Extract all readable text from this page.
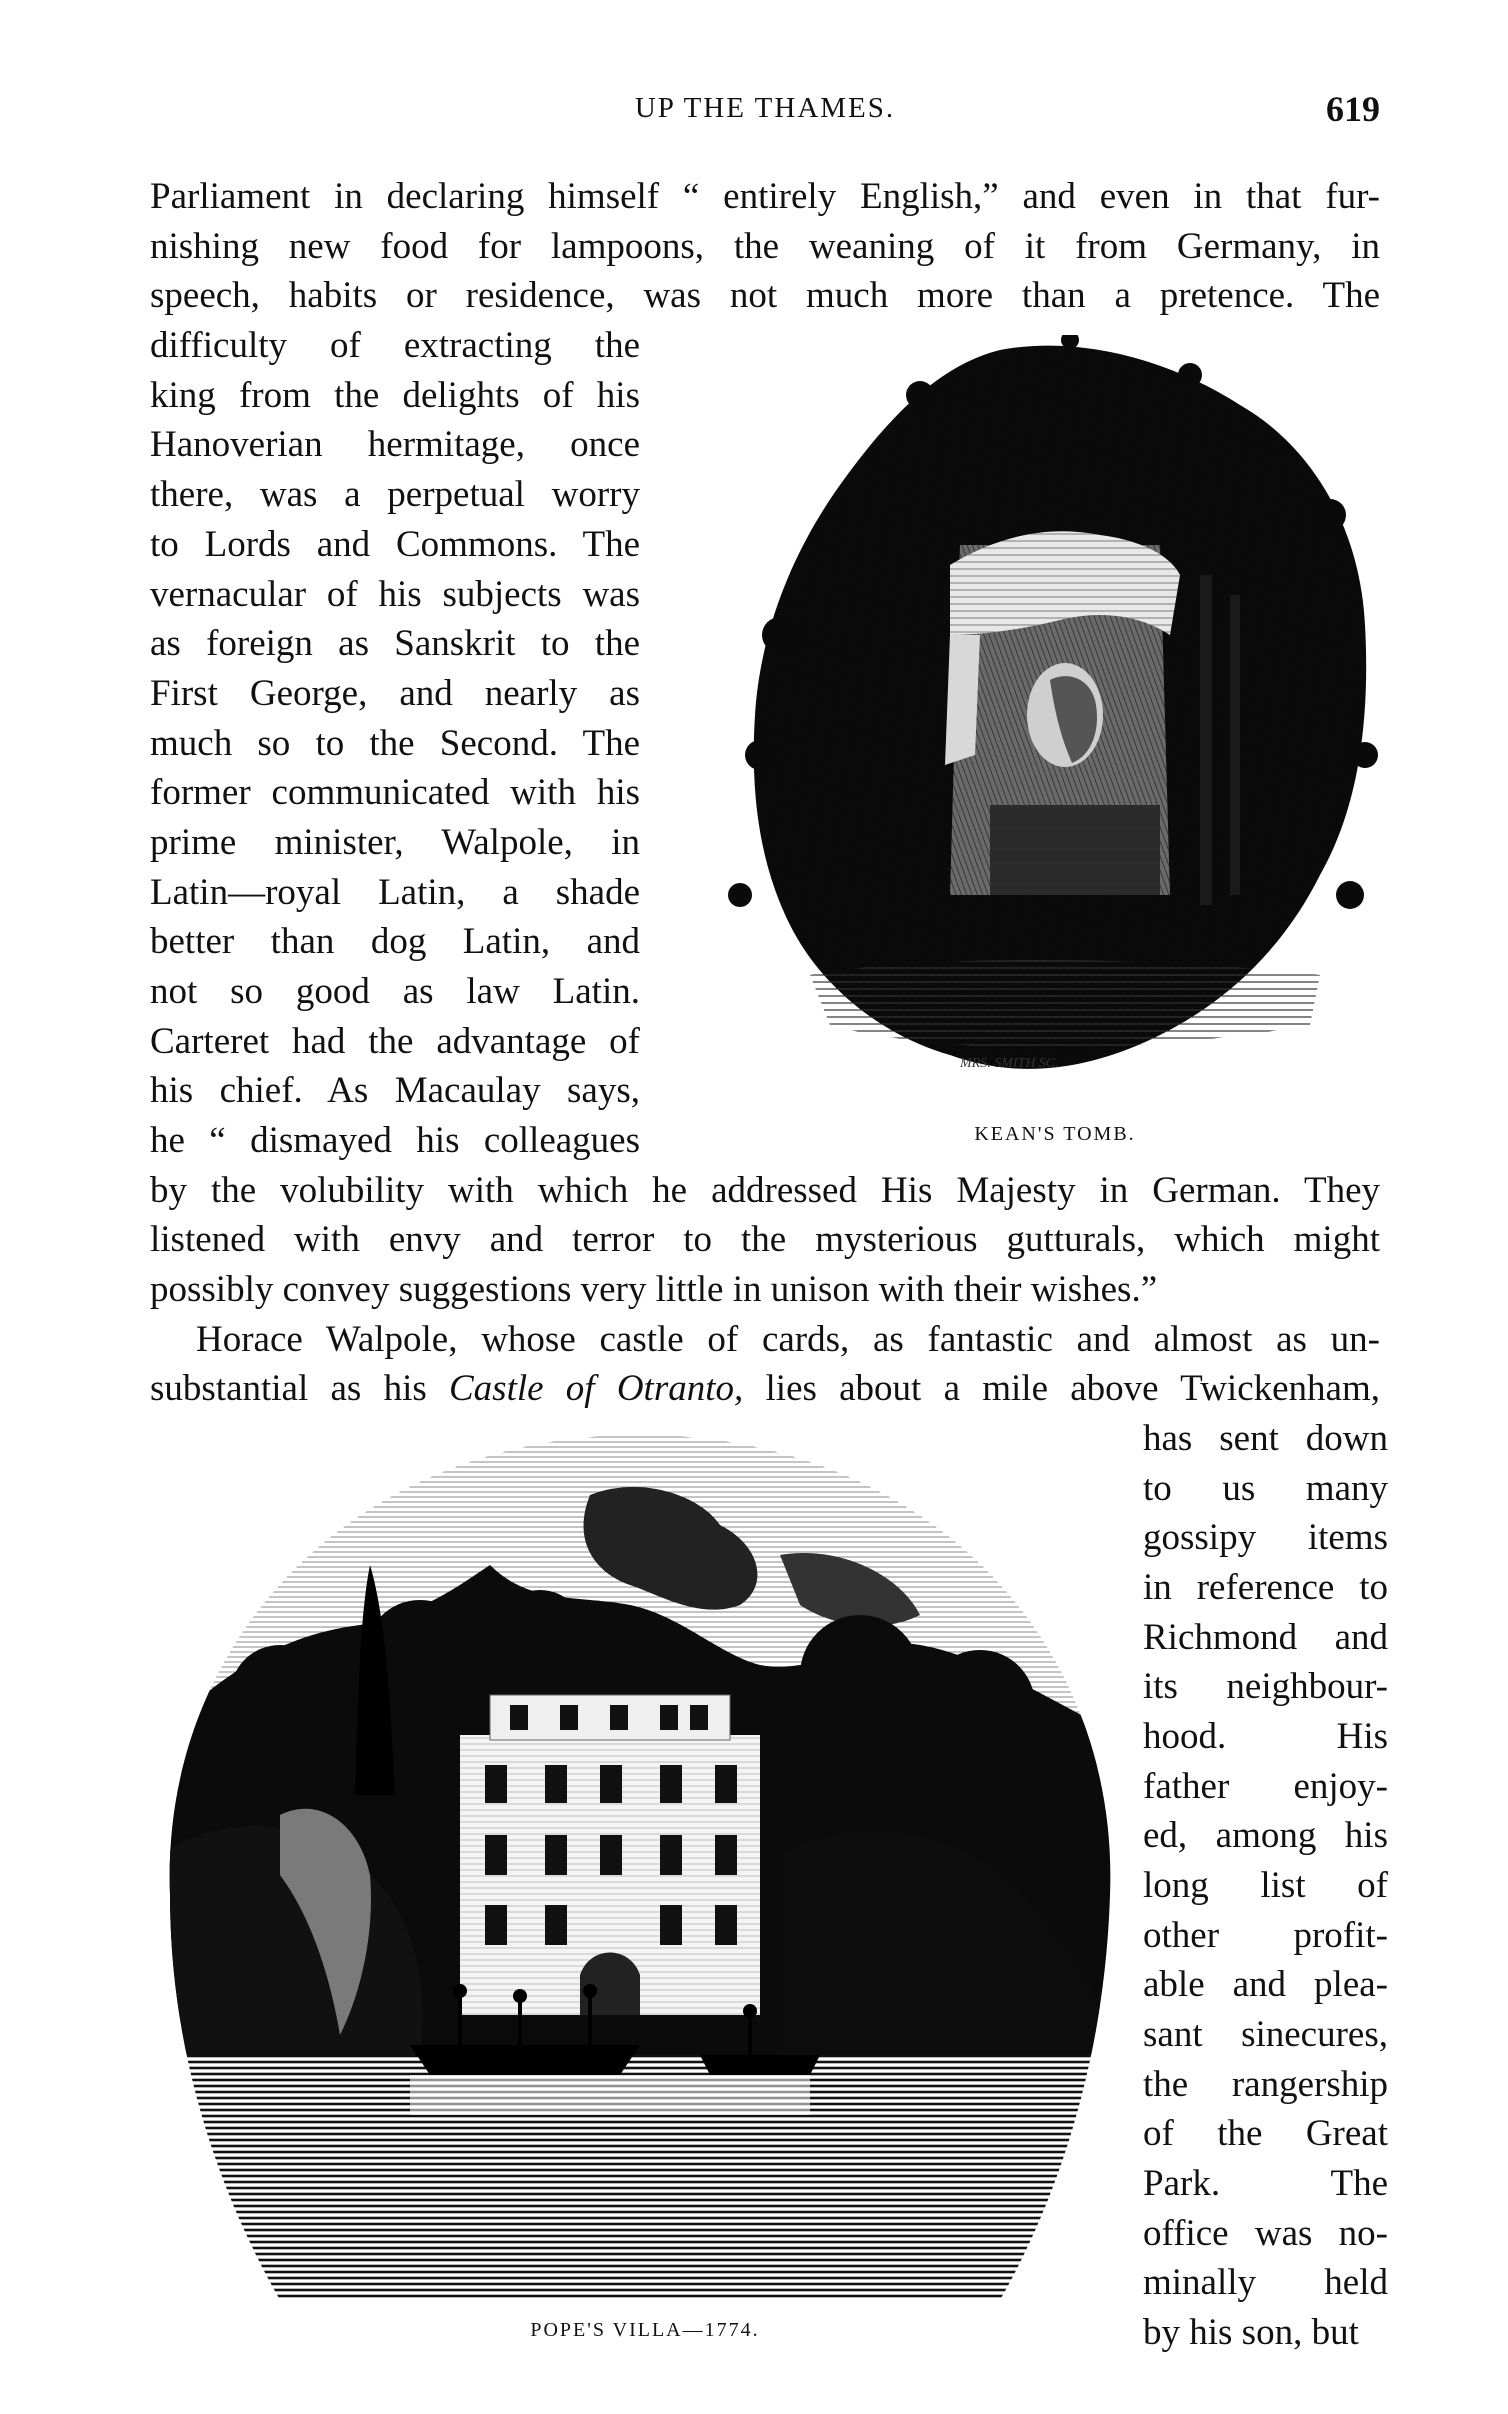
UP THE THAMES.	619
Parliament in declaring himself “ entirely English,” and even in that fur-
nishing new food for lampoons, the weaning of it from Germany, in
speech, habits or residence, was not much more than a pretence. The
difficulty of extracting the
king from the delights of his
Hanoverian hermitage, once
there, was a perpetual worry
to Lords and Commons. The
vernacular of his subjects was
as foreign as Sanskrit to the
First George, and nearly as
much so to the Second. The
former communicated with his
prime minister, Walpole, in
Latin—royal Latin, a shade
better than dog Latin, and
not so good as law Latin.
Carteret had the advantage of
his chief. As Macaulay says,
he “ dismayed his colleagues
MRS. SMITH SC.
KEAN'S TOMB.
by the volubility with which he addressed His Majesty in German. They
listened with envy and terror to the mysterious gutturals, which might
possibly convey suggestions very little in unison with their wishes.”
Horace Walpole, whose castle of cards, as fantastic and almost as un-
substantial as his Castle of Otranto, lies about a mile above Twickenham,
has sent down
to us many
gossipy items
in reference to
Richmond and
its neighbour-
hood. His
father enjoy-
ed, among his
long list of
other profit-
able and plea-
sant sinecures,
the rangership
of the Great
Park. The
office was no-
minally held
by his son, but
POPE'S VILLA—1774.
